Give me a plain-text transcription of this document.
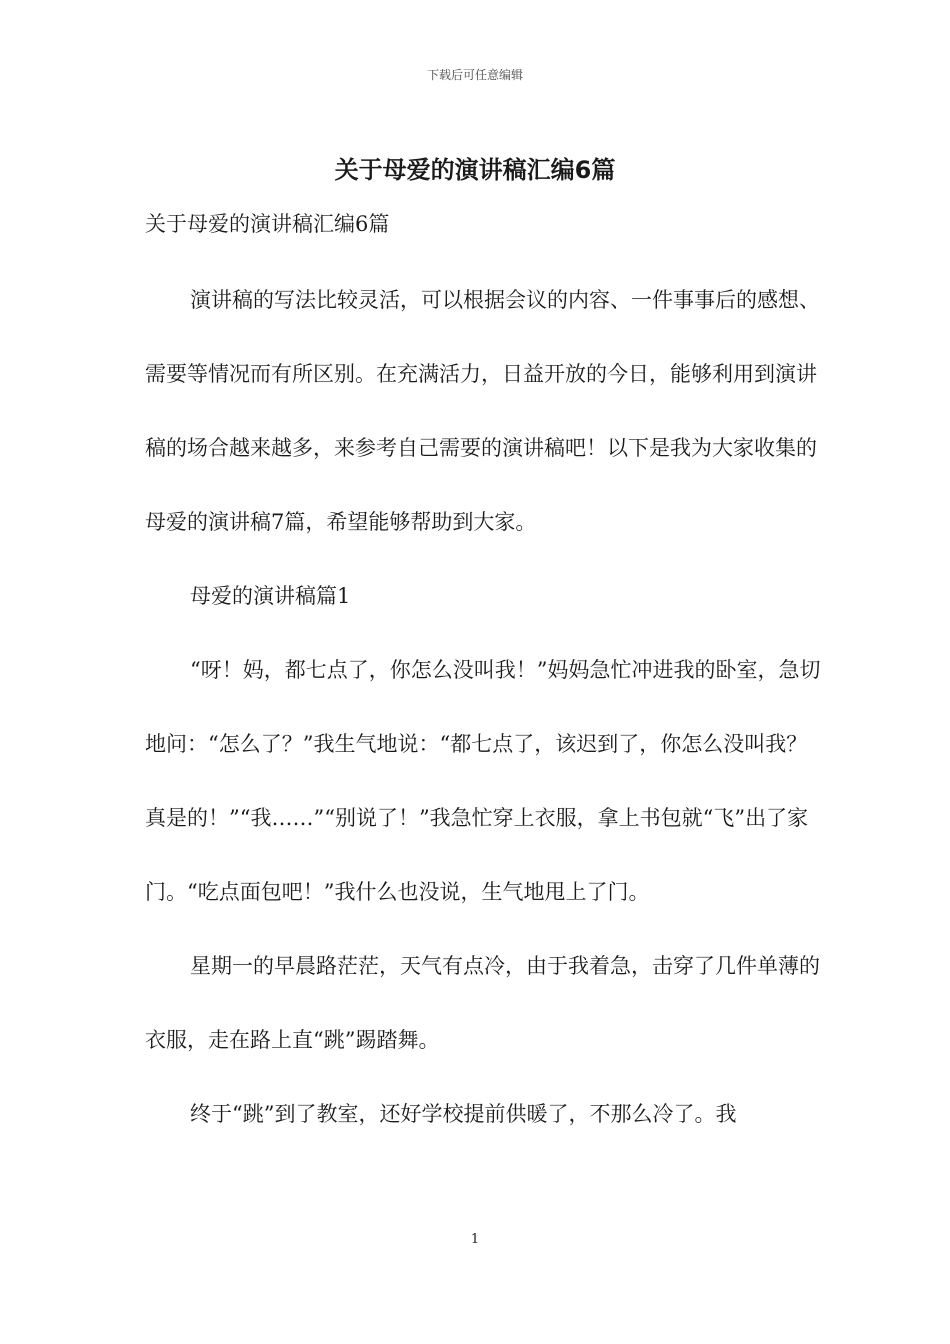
下载后可任意编辑
关于母爱的演讲稿汇编6篇

关于母爱的演讲稿汇编6篇

演讲稿的写法比较灵活，可以根据会议的内容、一件事事后的感想、需要等情况而有所区别。在充满活力，日益开放的今日，能够利用到演讲稿的场合越来越多，来参考自己需要的演讲稿吧！以下是我为大家收集的母爱的演讲稿7篇，希望能够帮助到大家。

母爱的演讲稿篇1

“呀！妈，都七点了，你怎么没叫我！”妈妈急忙冲进我的卧室，急切地问：“怎么了？”我生气地说：“都七点了，该迟到了，你怎么没叫我？真是的！”“我……”“别说了！”我急忙穿上衣服，拿上书包就“飞”出了家门。“吃点面包吧！”我什么也没说，生气地甩上了门。

星期一的早晨路茫茫，天气有点冷，由于我着急，击穿了几件单薄的衣服，走在路上直“跳”踢踏舞。

终于“跳”到了教室，还好学校提前供暖了，不那么冷了。我

1
